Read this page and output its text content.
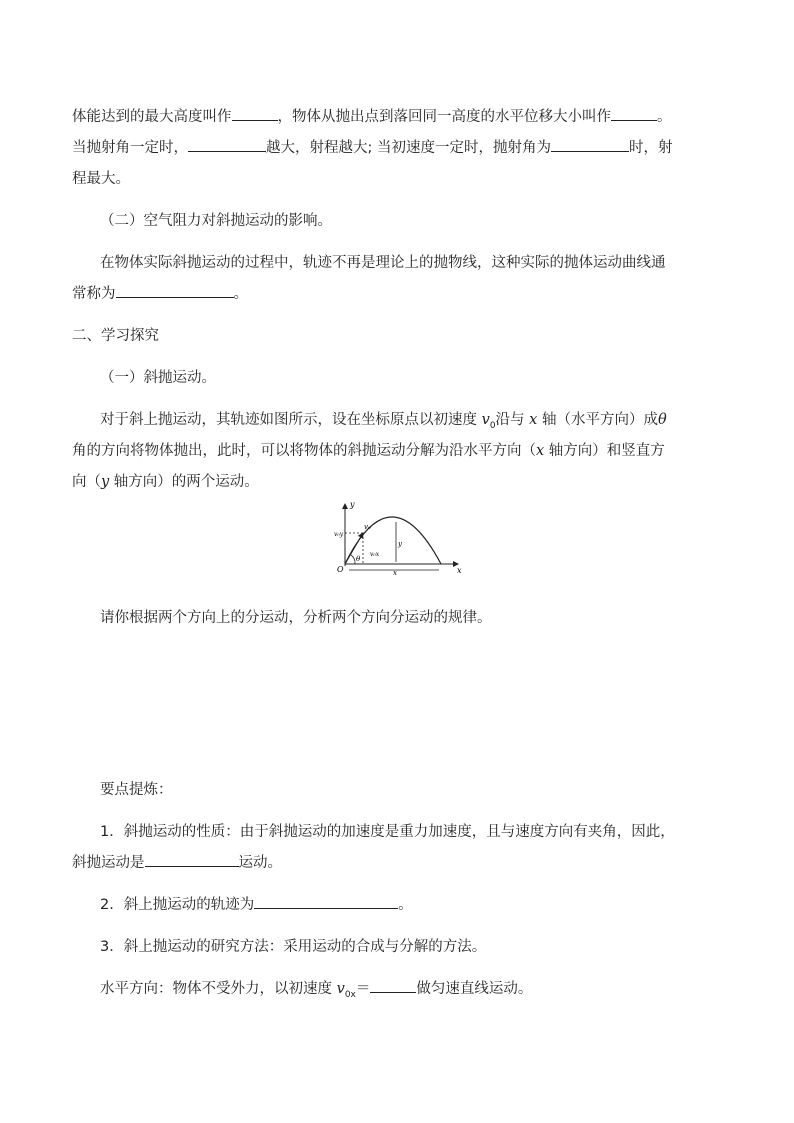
体能达到的最大高度叫作	，物体从抛出点到落回同一高度的水平位移大小叫作	。
当抛射角一定时，	越大，射程越大; 当初速度一定时，抛射角为	时，射
程最大。
（二）空气阻力对斜抛运动的影响。
在物体实际斜抛运动的过程中，轨迹不再是理论上的抛物线，这种实际的抛体运动曲线通
常称为	。
二、学习探究
（一）斜抛运动。
对于斜上抛运动，其轨迹如图所示，设在坐标原点以初速度 $v_0$沿与 x 轴（水平方向）成θ
角的方向将物体抛出，此时，可以将物体的斜抛运动分解为沿水平方向（x 轴方向）和竖直方
向（y 轴方向）的两个运动。
y
x
O
v₀
v₀y
v₀x
θ
y
x
请你根据两个方向上的分运动，分析两个方向分运动的规律。
要点提炼：
1．斜抛运动的性质：由于斜抛运动的加速度是重力加速度，且与速度方向有夹角，因此，
斜抛运动是	运动。
2．斜上抛运动的轨迹为	。
3．斜上抛运动的研究方法：采用运动的合成与分解的方法。
水平方向：物体不受外力，以初速度 $v_{0x}=$	做匀速直线运动。
